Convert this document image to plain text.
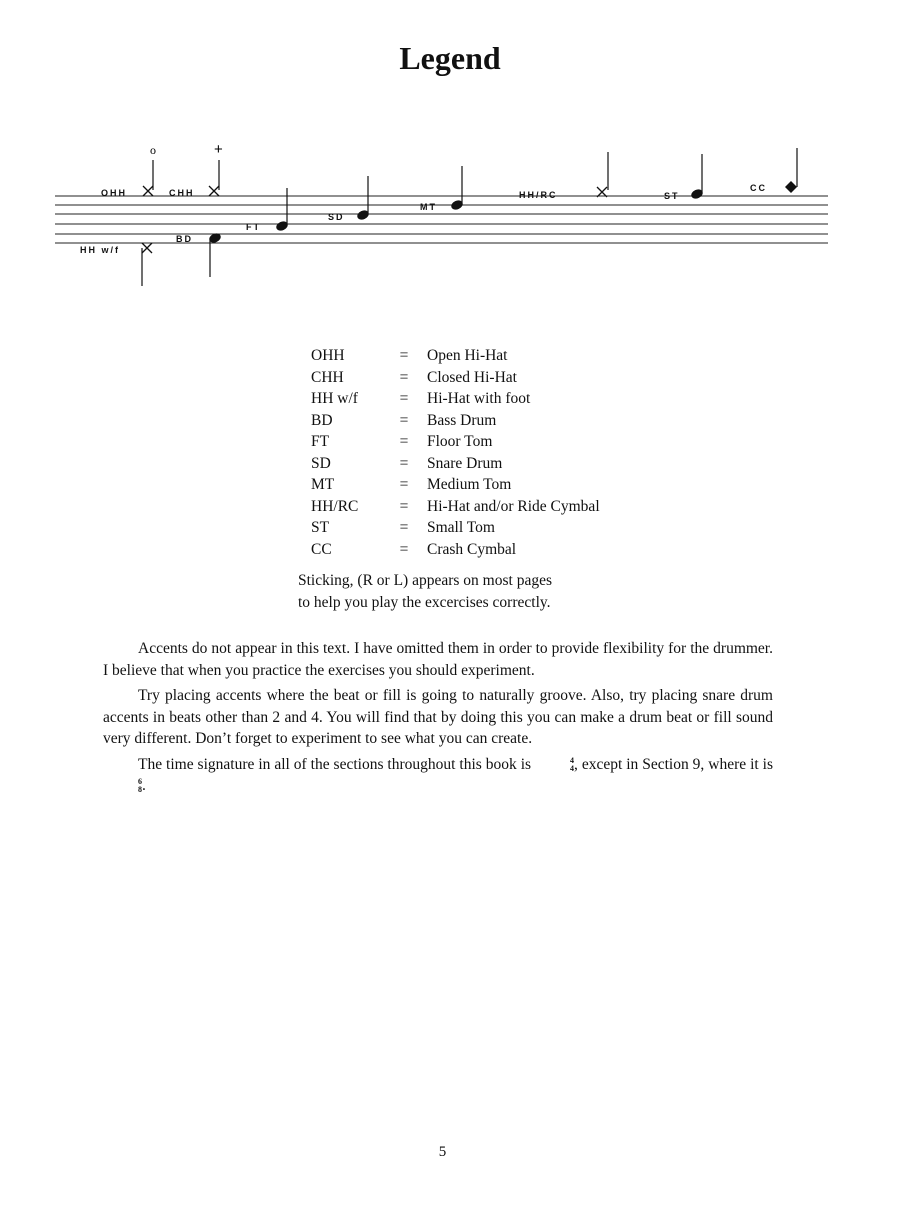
Legend
OHH
o
CHH
+
HH w/f
BD
FT
SD
MT
HH/RC	ST
CC
OHH	=	Open Hi-Hat
CHH	=	Closed Hi-Hat
HH w/f	=	Hi-Hat with foot
BD	=	Bass Drum
FT	=	Floor Tom
SD	=	Snare Drum
MT	=	Medium Tom
HH/RC	=	Hi-Hat and/or Ride Cymbal
ST	=	Small Tom
CC	=	Crash Cymbal
Sticking, (R or L) appears on most pages
to help you play the excercises correctly.

Accents do not appear in this text. I have omitted them in order to provide flexibility for the drummer. I believe that when you practice the exercises you should experiment.

Try placing accents where the beat or fill is going to naturally groove. Also, try placing snare drum accents in beats other than 2 and 4. You will find that by doing this you can make a drum beat or fill sound very different. Don’t forget to experiment to see what you can create.

The time signature in all of the sections throughout this book is	4
4 , except in Section 9, where it is
6
8 .

5
